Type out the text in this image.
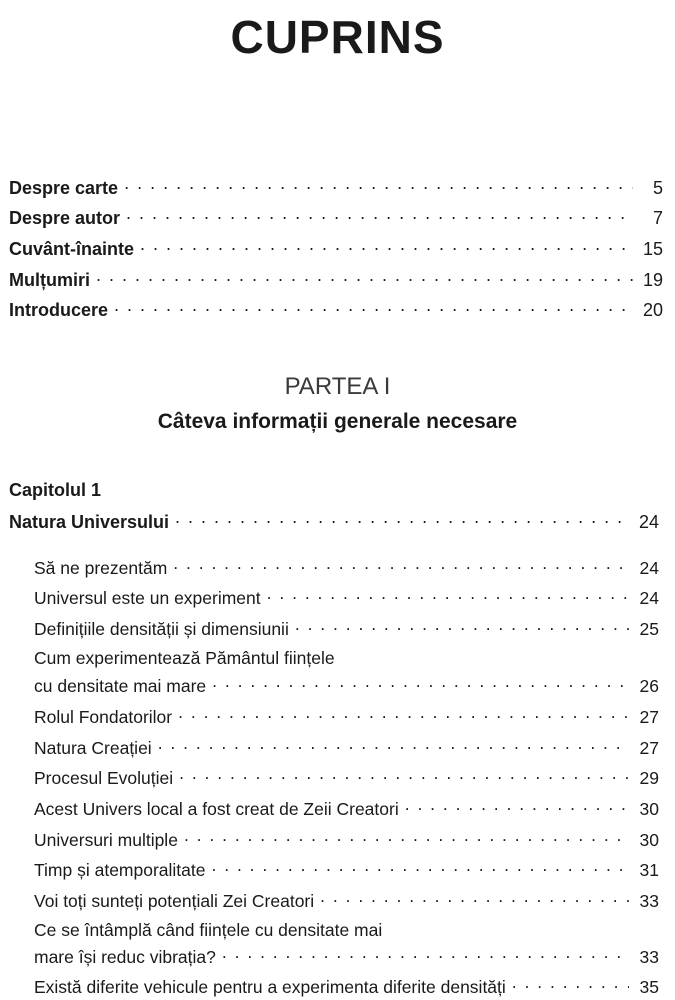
CUPRINS
Despre carte . . .	5
Despre autor . . .	7
Cuvânt-înainte . . .	15
Mulțumiri . . .	19
Introducere . . .	20
PARTEA I
Câteva informații generale necesare
Capitolul 1
Natura Universului . . .	24
Să ne prezentăm . . .	24
Universul este un experiment . . .	24
Definițiile densității și dimensiunii . . .	25
Cum experimentează Pământul ființele
cu densitate mai mare . . .	26
Rolul Fondatorilor . . .	27
Natura Creației . . .	27
Procesul Evoluției . . .	29
Acest Univers local a fost creat de Zeii Creatori . . .	30
Universuri multiple . . .	30
Timp și atemporalitate . . .	31
Voi toți sunteți potențiali Zei Creatori . . .	33
Ce se întâmplă când ființele cu densitate mai
mare își reduc vibrația? . . .	33
Există diferite vehicule pentru a experimenta diferite densități . . .	35
